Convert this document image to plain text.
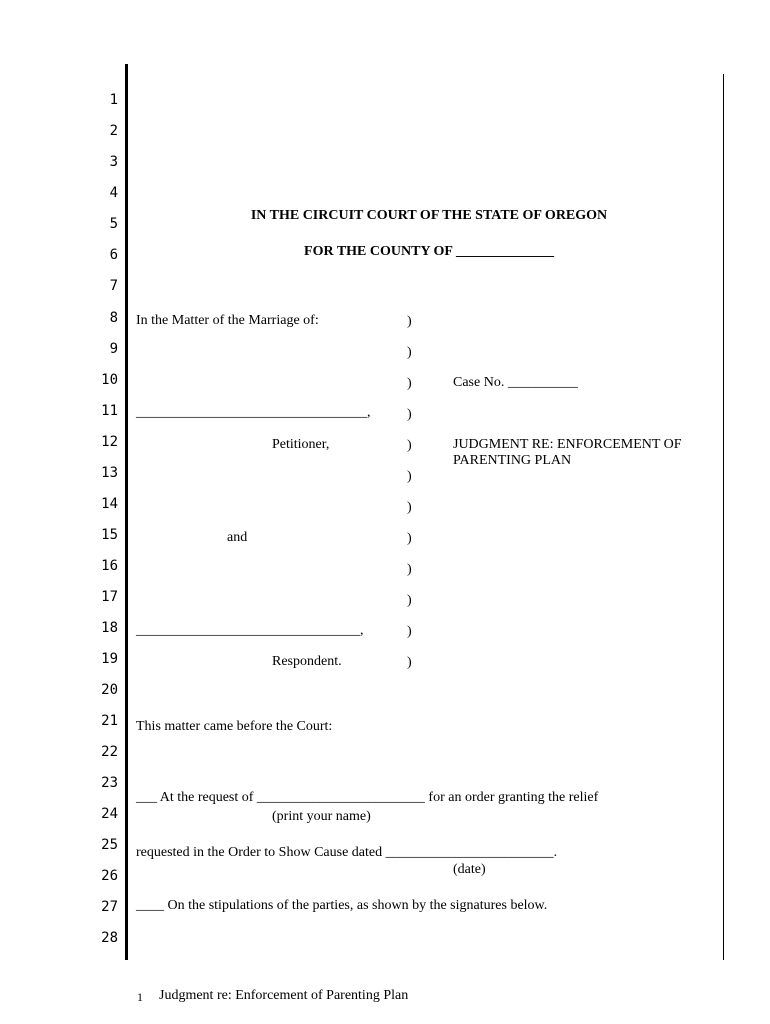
1
2
3
4
5
6
7
8
9
10
11
12
13
14
15
16
17
18
19
20
21
22
23
24
25
26
27
28
IN THE CIRCUIT COURT OF THE STATE OF OREGON
FOR THE COUNTY OF ______________
In the Matter of the Marriage of:
_________________________________,
Petitioner,
and
________________________________,
Respondent.
)
)
)
)
)
)
)
)
)
)
)
)
Case No. __________
JUDGMENT RE: ENFORCEMENT OF
PARENTING PLAN
This matter came before the Court:
___ At the request of ________________________ for an order granting the relief
(print your name)
requested in the Order to Show Cause dated ________________________.
(date)
____ On the stipulations of the parties, as shown by the signatures below.
1 Judgment re: Enforcement of Parenting Plan
